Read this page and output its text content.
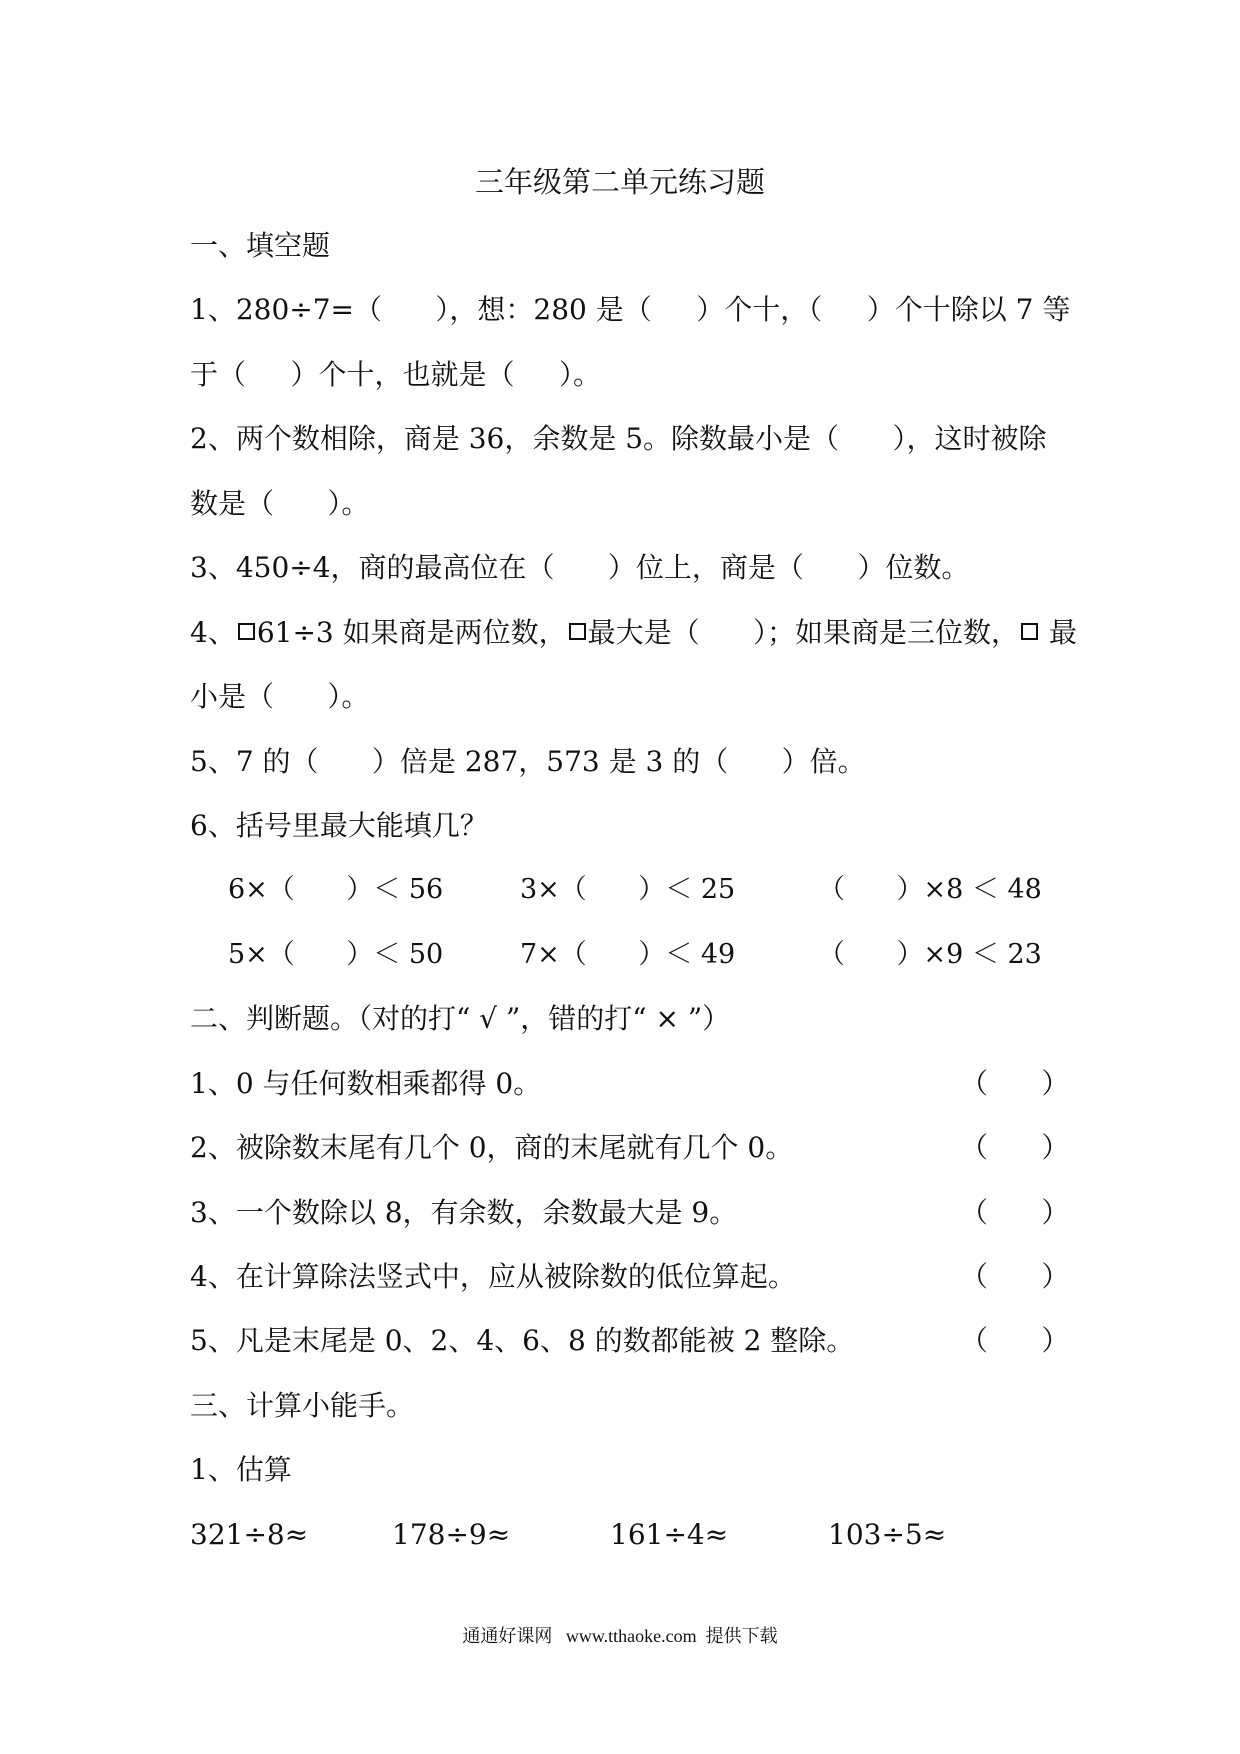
三年级第二单元练习题
一、填空题
1、280÷7=（      ），想：280 是（     ）个十，（     ）个十除以 7 等
于（     ）个十，也就是（     ）。
2、两个数相除，商是 36，余数是 5。除数最小是（      ），这时被除
数是（      ）。
3、450÷4，商的最高位在（      ）位上，商是（      ）位数。
4、 61÷3 如果商是两位数， 最大是（      ）；如果商是三位数， 最
小是（      ）。
5、7 的（      ）倍是 287，573 是 3 的（      ）倍。
6、括号里最大能填几？
6×（      ）＜ 56	3×（      ）＜ 25	（      ）×8 ＜ 48
5×（      ）＜ 50	7×（      ）＜ 49	（      ）×9 ＜ 23
二、判断题。（对的打“ √ ”，错的打“ × ”）
1、0 与任何数相乘都得 0。	（      ）
2、被除数末尾有几个 0，商的末尾就有几个 0。	（      ）
3、一个数除以 8，有余数，余数最大是 9。	（      ）
4、在计算除法竖式中，应从被除数的低位算起。	（      ）
5、凡是末尾是 0、2、4、6、8 的数都能被 2 整除。	（      ）
三、计算小能手。
1、估算
321÷8≈	178÷9≈	161÷4≈	103÷5≈
通通好课网   www.tthaoke.com  提供下载
